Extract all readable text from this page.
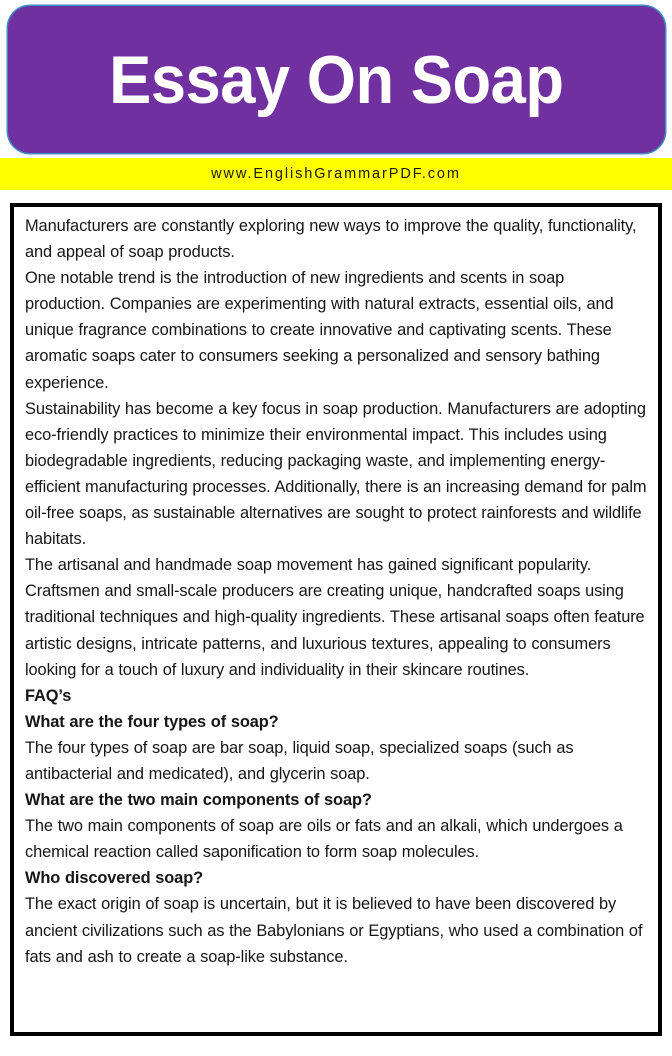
Essay On Soap
www.EnglishGrammarPDF.com

Manufacturers are constantly exploring new ways to improve the quality, functionality, and appeal of soap products.

One notable trend is the introduction of new ingredients and scents in soap production. Companies are experimenting with natural extracts, essential oils, and unique fragrance combinations to create innovative and captivating scents. These aromatic soaps cater to consumers seeking a personalized and sensory bathing experience.

Sustainability has become a key focus in soap production. Manufacturers are adopting eco-friendly practices to minimize their environmental impact. This includes using biodegradable ingredients, reducing packaging waste, and implementing energy-efficient manufacturing processes. Additionally, there is an increasing demand for palm oil-free soaps, as sustainable alternatives are sought to protect rainforests and wildlife habitats.

The artisanal and handmade soap movement has gained significant popularity. Craftsmen and small-scale producers are creating unique, handcrafted soaps using traditional techniques and high-quality ingredients. These artisanal soaps often feature artistic designs, intricate patterns, and luxurious textures, appealing to consumers looking for a touch of luxury and individuality in their skincare routines.

FAQ’s

What are the four types of soap?

The four types of soap are bar soap, liquid soap, specialized soaps (such as antibacterial and medicated), and glycerin soap.

What are the two main components of soap?

The two main components of soap are oils or fats and an alkali, which undergoes a chemical reaction called saponification to form soap molecules.

Who discovered soap?

The exact origin of soap is uncertain, but it is believed to have been discovered by ancient civilizations such as the Babylonians or Egyptians, who used a combination of fats and ash to create a soap-like substance.
